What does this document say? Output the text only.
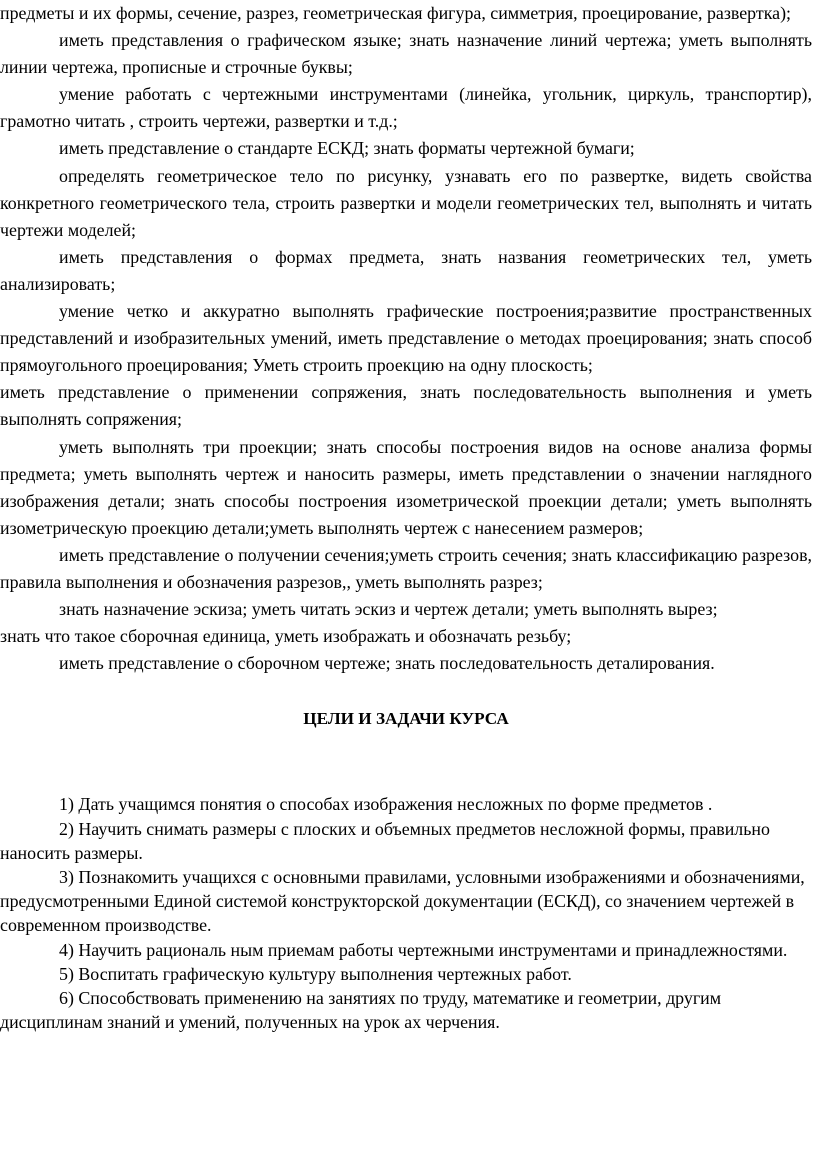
предметы и их формы, сечение, разрез, геометрическая фигура, симметрия, проецирование, развертка);

иметь представления о графическом языке; знать назначение линий чертежа; уметь выполнять линии чертежа, прописные и строчные буквы;

умение работать с чертежными инструментами (линейка, угольник, циркуль, транспортир), грамотно читать , строить чертежи, развертки и т.д.;

иметь представление о стандарте ЕСКД; знать форматы чертежной бумаги;

определять геометрическое тело по рисунку, узнавать его по развертке, видеть свойства конкретного геометрического тела, строить развертки и модели геометрических тел, выполнять и читать чертежи моделей;

иметь представления о формах предмета, знать названия геометрических тел, уметь анализировать;

умение четко и аккуратно выполнять графические построения;развитие пространственных представлений и изобразительных умений, иметь представление о методах проецирования; знать способ прямоугольного проецирования; Уметь строить проекцию на одну плоскость;

иметь представление о применении сопряжения, знать последовательность выполнения и уметь выполнять сопряжения;

уметь выполнять три проекции; знать способы построения видов на основе анализа формы предмета; уметь выполнять чертеж и наносить размеры, иметь представлении о значении наглядного изображения детали; знать способы построения изометрической проекции детали; уметь выполнять изометрическую проекцию детали;уметь выполнять чертеж с нанесением размеров;

иметь представление о получении сечения;уметь строить сечения; знать классификацию разрезов, правила выполнения и обозначения разрезов,, уметь выполнять разрез;

знать назначение эскиза; уметь читать эскиз и чертеж детали; уметь выполнять вырез;

знать что такое сборочная единица, уметь изображать и обозначать резьбу;

иметь представление о сборочном чертеже; знать последовательность деталирования.

ЦЕЛИ И ЗАДАЧИ КУРСА

1) Дать учащимся понятия о способах изображения несложных по форме предметов .

2) Научить снимать размеры с плоских и объемных предметов несложной формы, правильно наносить размеры.

3) Познакомить учащихся с основными правилами, условными изображениями и обозначениями, предусмотренными Единой системой конструкторской документации (ЕСКД), со значением чертежей в современном производстве.

4) Научить рациональ ным приемам работы чертежными инструментами и принадлежностями.

5) Воспитать графическую культуру выполнения чертежных работ.

6) Способствовать применению на занятиях по труду, математике и геометрии, другим дисциплинам знаний и умений, полученных на урок ах черчения.
